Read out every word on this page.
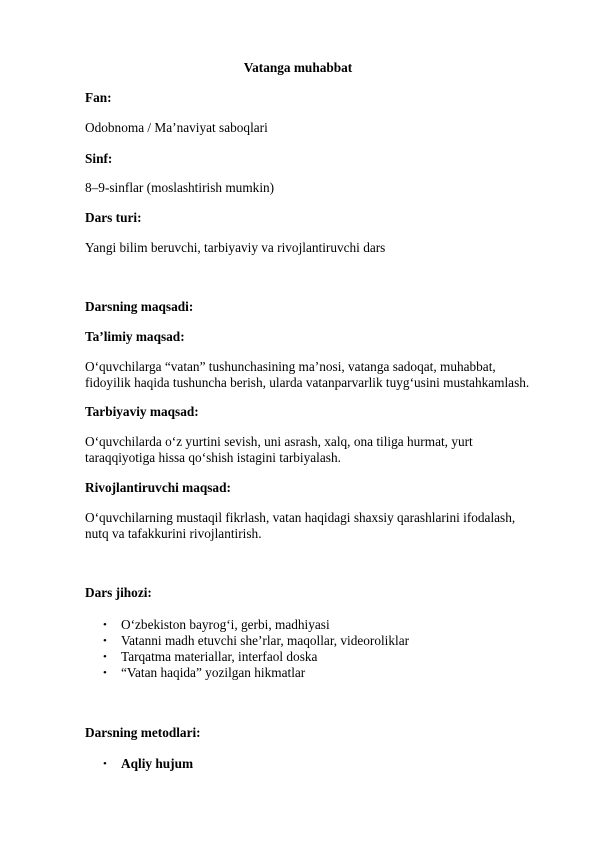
Vatanga muhabbat
Fan:
Odobnoma / Ma’naviyat saboqlari
Sinf:
8–9-sinflar (moslashtirish mumkin)
Dars turi:
Yangi bilim beruvchi, tarbiyaviy va rivojlantiruvchi dars
Darsning maqsadi:
Ta’limiy maqsad:
O‘quvchilarga “vatan” tushunchasining ma’nosi, vatanga sadoqat, muhabbat,
fidoyilik haqida tushuncha berish, ularda vatanparvarlik tuyg‘usini mustahkamlash.
Tarbiyaviy maqsad:
O‘quvchilarda o‘z yurtini sevish, uni asrash, xalq, ona tiliga hurmat, yurt
taraqqiyotiga hissa qo‘shish istagini tarbiyalash.
Rivojlantiruvchi maqsad:
O‘quvchilarning mustaqil fikrlash, vatan haqidagi shaxsiy qarashlarini ifodalash,
nutq va tafakkurini rivojlantirish.
Dars jihozi:
• O‘zbekiston bayrog‘i, gerbi, madhiyasi
• Vatanni madh etuvchi she’rlar, maqollar, videoroliklar
• Tarqatma materiallar, interfaol doska
• “Vatan haqida” yozilgan hikmatlar
Darsning metodlari:
• Aqliy hujum
